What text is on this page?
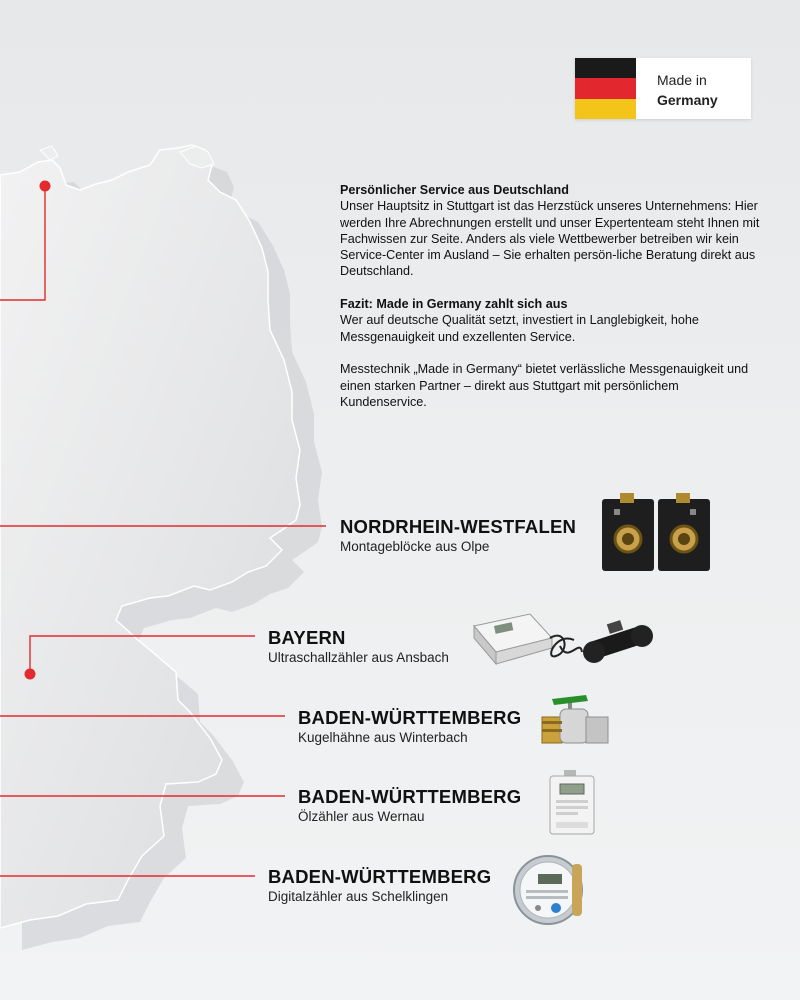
Made in
Germany

Persönlicher Service aus Deutschland
Unser Hauptsitz in Stuttgart ist das Herzstück unseres Unternehmens: Hier werden Ihre Abrechnungen erstellt und unser Expertenteam steht Ihnen mit Fachwissen zur Seite. Anders als viele Wettbewerber betreiben wir kein Service-Center im Ausland – Sie erhalten persön-liche Beratung direkt aus Deutschland.

Fazit: Made in Germany zahlt sich aus
Wer auf deutsche Qualität setzt, investiert in Langlebigkeit, hohe Messgenauigkeit und exzellenten Service.

Messtechnik „Made in Germany“ bietet verlässliche Messgenauigkeit und einen starken Partner – direkt aus Stuttgart mit persönlichem Kundenservice.

NORDRHEIN-WESTFALEN
Montageblöcke aus Olpe
BAYERN
Ultraschallzähler aus Ansbach
BADEN-WÜRTTEMBERG
Kugelhähne aus Winterbach
BADEN-WÜRTTEMBERG
Ölzähler aus Wernau
BADEN-WÜRTTEMBERG
Digitalzähler aus Schelklingen
